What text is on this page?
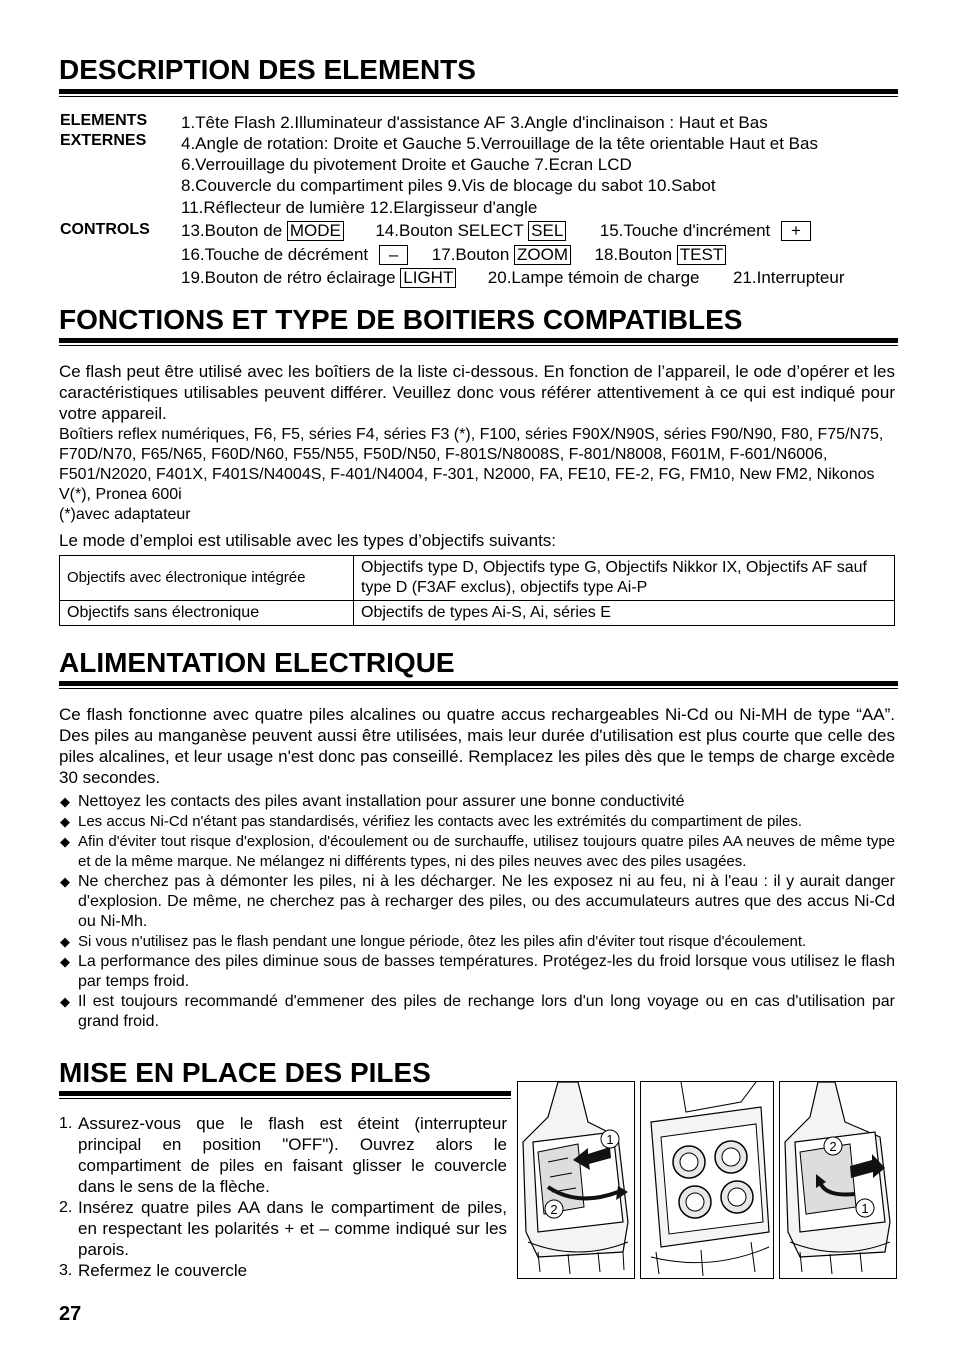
DESCRIPTION DES ELEMENTS
ELEMENTS
EXTERNES
1.Tête Flash 2.Illuminateur d'assistance AF 3.Angle d'inclinaison : Haut et Bas
4.Angle de rotation: Droite et Gauche 5.Verrouillage de la tête orientable Haut et Bas
6.Verrouillage du pivotement Droite et Gauche 7.Ecran LCD
8.Couvercle du compartiment piles 9.Vis de blocage du sabot 10.Sabot
11.Réflecteur de lumière 12.Elargisseur d'angle
CONTROLS 13.Bouton de MODE 14.Bouton SELECT SEL 15.Touche d'incrément +
16.Touche de décrément – 17.Bouton ZOOM 18.Bouton TEST
19.Bouton de rétro éclairage LIGHT 20.Lampe témoin de charge 21.Interrupteur
FONCTIONS ET TYPE DE BOITIERS COMPATIBLES

Ce flash peut être utilisé avec les boîtiers de la liste ci-dessous. En fonction de l’appareil, le ode d’opérer et les caractéristiques utilisables peuvent différer. Veuillez donc vous référer attentivement à ce qui est indiqué pour votre appareil.

Boîtiers reflex numériques, F6, F5, séries F4, séries F3 (*), F100, séries F90X/N90S, séries F90/N90, F80, F75/N75, F70D/N70, F65/N65, F60D/N60, F55/N55, F50D/N50, F-801S/N8008S, F-801/N8008, F601M, F-601/N6006, F501/N2020, F401X, F401S/N4004S, F-401/N4004, F-301, N2000, FA, FE10, FE-2, FG, FM10, New FM2, Nikonos V(*), Pronea 600i

(*)avec adaptateur

Le mode d’emploi est utilisable avec les types d’objectifs suivants:

Objectifs avec électronique intégrée	Objectifs type D, Objectifs type G, Objectifs Nikkor IX, Objectifs AF sauf type D (F3AF exclus), objectifs type Ai-P
Objectifs sans électronique	Objectifs de types Ai-S, Ai, séries E
ALIMENTATION ELECTRIQUE

Ce flash fonctionne avec quatre piles alcalines ou quatre accus rechargeables Ni-Cd ou Ni-MH de type “AA”. Des piles au manganèse peuvent aussi être utilisées, mais leur durée d'utilisation est plus courte que celle des piles alcalines, et leur usage n'est donc pas conseillé. Remplacez les piles dès que le temps de charge excède 30 secondes.

◆ Nettoyez les contacts des piles avant installation pour assurer une bonne conductivité
◆ Les accus Ni-Cd n'étant pas standardisés, vérifiez les contacts avec les extrémités du compartiment de piles.
◆ Afin d'éviter tout risque d'explosion, d'écoulement ou de surchauffe, utilisez toujours quatre piles AA neuves de même type et de la même marque. Ne mélangez ni différents types, ni des piles neuves avec des piles usagées.
◆ Ne cherchez pas à démonter les piles, ni à les décharger. Ne les exposez ni au feu, ni à l'eau : il y aurait danger d'explosion. De même, ne cherchez pas à recharger des piles, ou des accumulateurs autres que des accus Ni-Cd ou Ni-Mh.
◆ Si vous n'utilisez pas le flash pendant une longue période, ôtez les piles afin d'éviter tout risque d'écoulement.
◆ La performance des piles diminue sous de basses températures. Protégez-les du froid lorsque vous utilisez le flash par temps froid.
◆ Il est toujours recommandé d'emmener des piles de rechange lors d'un long voyage ou en cas d'utilisation par grand froid.
MISE EN PLACE DES PILES
1. Assurez-vous que le flash est éteint (interrupteur principal en position "OFF"). Ouvrez alors le compartiment de piles en faisant glisser le couvercle dans le sens de la flèche.
2. Insérez quatre piles AA dans le compartiment de piles, en respectant les polarités + et – comme indiqué sur les parois.
3. Refermez le couvercle
1
2
2
1
27
